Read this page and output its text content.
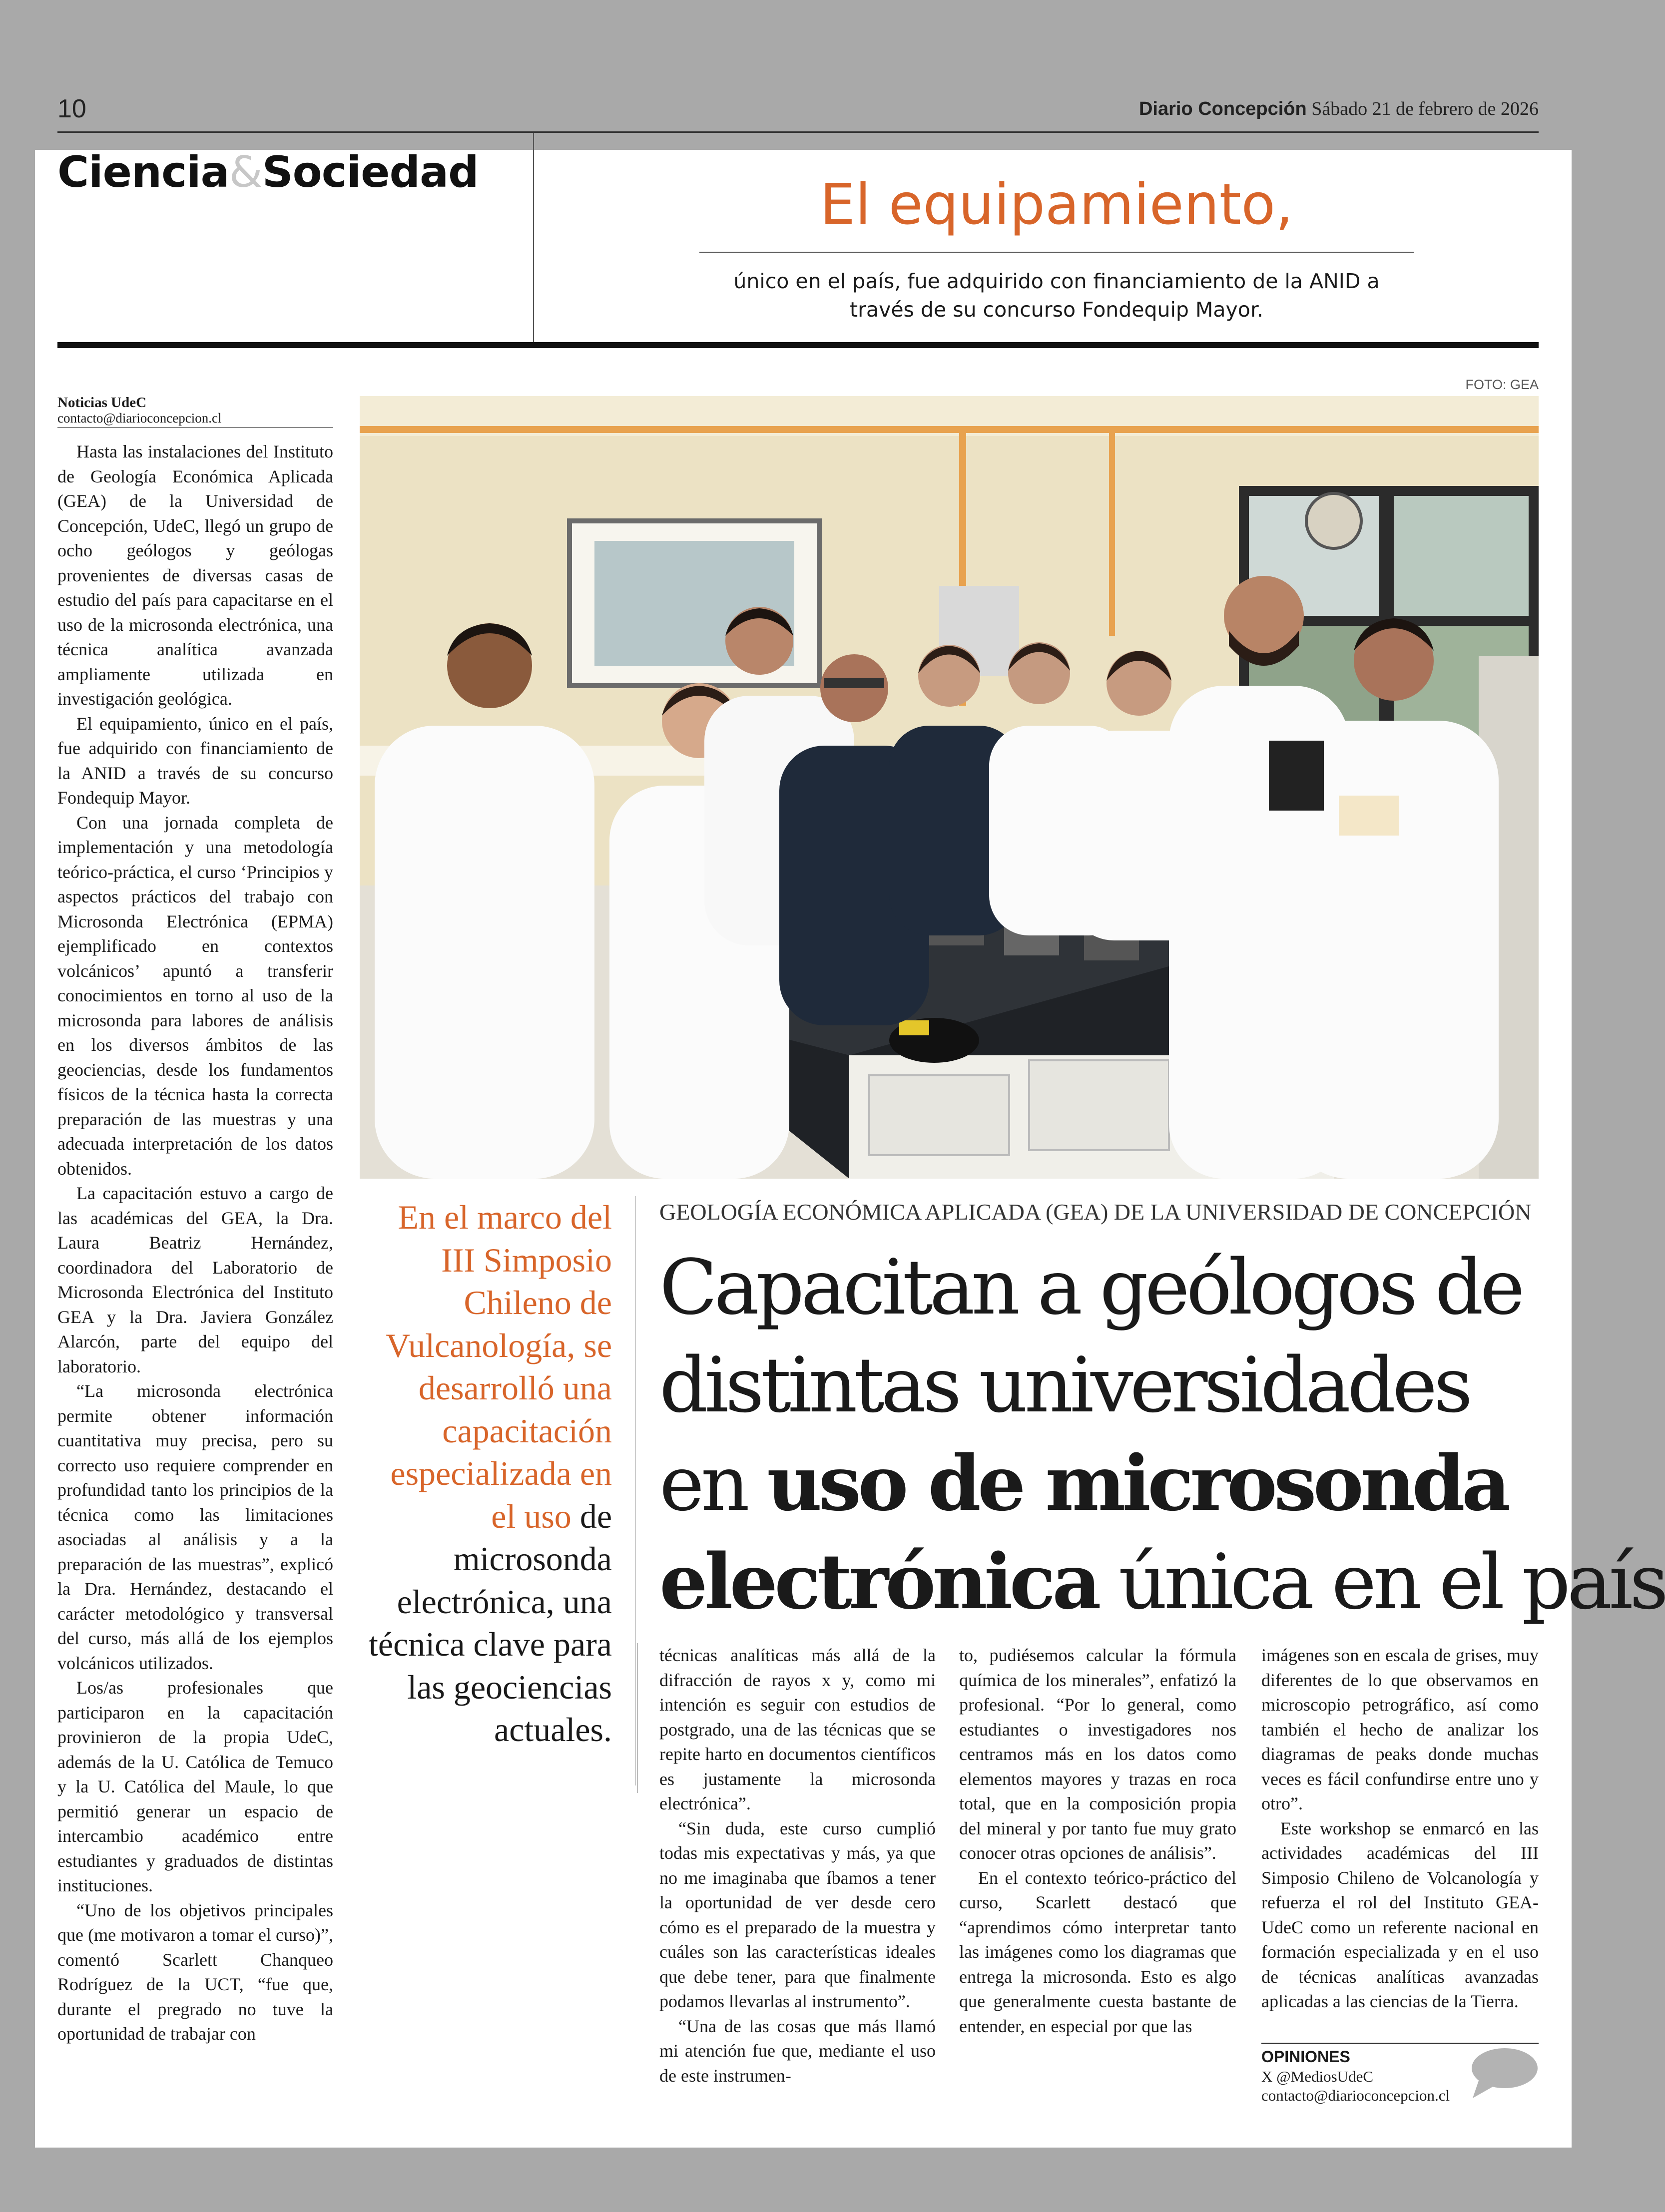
10	Diario Concepción Sábado 21 de febrero de 2026
Ciencia&Sociedad	El equipamiento,
único en el país, fue adquirido con financiamiento de la ANID a través de su concurso Fondequip Mayor.
Noticias UdeC
contacto@diarioconcepcion.cl
FOTO: GEA

Hasta las instalaciones del Instituto de Geología Económica Aplicada (GEA) de la Universidad de Concepción, UdeC, llegó un grupo de ocho geólogos y geólogas provenientes de diversas casas de estudio del país para capacitarse en el uso de la microsonda electrónica, una técnica analítica avanzada ampliamente utilizada en investigación geológica.

El equipamiento, único en el país, fue adquirido con financiamiento de la ANID a través de su concurso Fondequip Mayor.

Con una jornada completa de implementación y una metodología teórico-práctica, el curso ‘Principios y aspectos prácticos del trabajo con Microsonda Electrónica (EPMA) ejemplificado en contextos volcánicos’ apuntó a transferir conocimientos en torno al uso de la microsonda para labores de análisis en los diversos ámbitos de las geociencias, desde los fundamentos físicos de la técnica hasta la correcta preparación de las muestras y una adecuada interpretación de los datos obtenidos.

La capacitación estuvo a cargo de las académicas del GEA, la Dra. Laura Beatriz Hernández, coordinadora del Laboratorio de Microsonda Electrónica del Instituto GEA y la Dra. Javiera González Alarcón, parte del equipo del laboratorio.

“La microsonda electrónica permite obtener información cuantitativa muy precisa, pero su correcto uso requiere comprender en profundidad tanto los principios de la técnica como las limitaciones asociadas al análisis y a la preparación de las muestras”, explicó la Dra. Hernández, destacando el carácter metodológico y transversal del curso, más allá de los ejemplos volcánicos utilizados.

Los/as profesionales que participaron en la capacitación provinieron de la propia UdeC, además de la U. Católica de Temuco y la U. Católica del Maule, lo que permitió generar un espacio de intercambio académico entre estudiantes y graduados de distintas instituciones.

“Uno de los objetivos principales que (me motivaron a tomar el curso)”, comentó Scarlett Chanqueo Rodríguez de la UCT, “fue que, durante el pregrado no tuve la oportunidad de trabajar con

En el marco del III Simposio Chileno de Vulcanología, se desarrolló una capacitación especializada en el uso de microsonda electrónica, una técnica clave para las geociencias actuales.
GEOLOGÍA ECONÓMICA APLICADA (GEA) DE LA UNIVERSIDAD DE CONCEPCIÓN
Capacitan a geólogos de
distintas universidades
en uso de microsonda
electrónica única en el país

técnicas analíticas más allá de la difracción de rayos x y, como mi intención es seguir con estudios de postgrado, una de las técnicas que se repite harto en documentos científicos es justamente la microsonda electrónica”.

“Sin duda, este curso cumplió todas mis expectativas y más, ya que no me imaginaba que íbamos a tener la oportunidad de ver desde cero cómo es el preparado de la muestra y cuáles son las características ideales que debe tener, para que finalmente podamos llevarlas al instrumento”.

“Una de las cosas que más llamó mi atención fue que, mediante el uso de este instrumen-

to, pudiésemos calcular la fórmula química de los minerales”, enfatizó la profesional. “Por lo general, como estudiantes o investigadores nos centramos más en los datos como elementos mayores y trazas en roca total, que en la composición propia del mineral y por tanto fue muy grato conocer otras opciones de análisis”.

En el contexto teórico-práctico del curso, Scarlett destacó que “aprendimos cómo interpretar tanto las imágenes como los diagramas que entrega la microsonda. Esto es algo que generalmente cuesta bastante de entender, en especial por que las

imágenes son en escala de grises, muy diferentes de lo que observamos en microscopio petrográfico, así como también el hecho de analizar los diagramas de peaks donde muchas veces es fácil confundirse entre uno y otro”.

Este workshop se enmarcó en las actividades académicas del III Simposio Chileno de Volcanología y refuerza el rol del Instituto GEA-UdeC como un referente nacional en formación especializada y en el uso de técnicas analíticas avanzadas aplicadas a las ciencias de la Tierra.

OPINIONES
X @MediosUdeC
contacto@diarioconcepcion.cl
